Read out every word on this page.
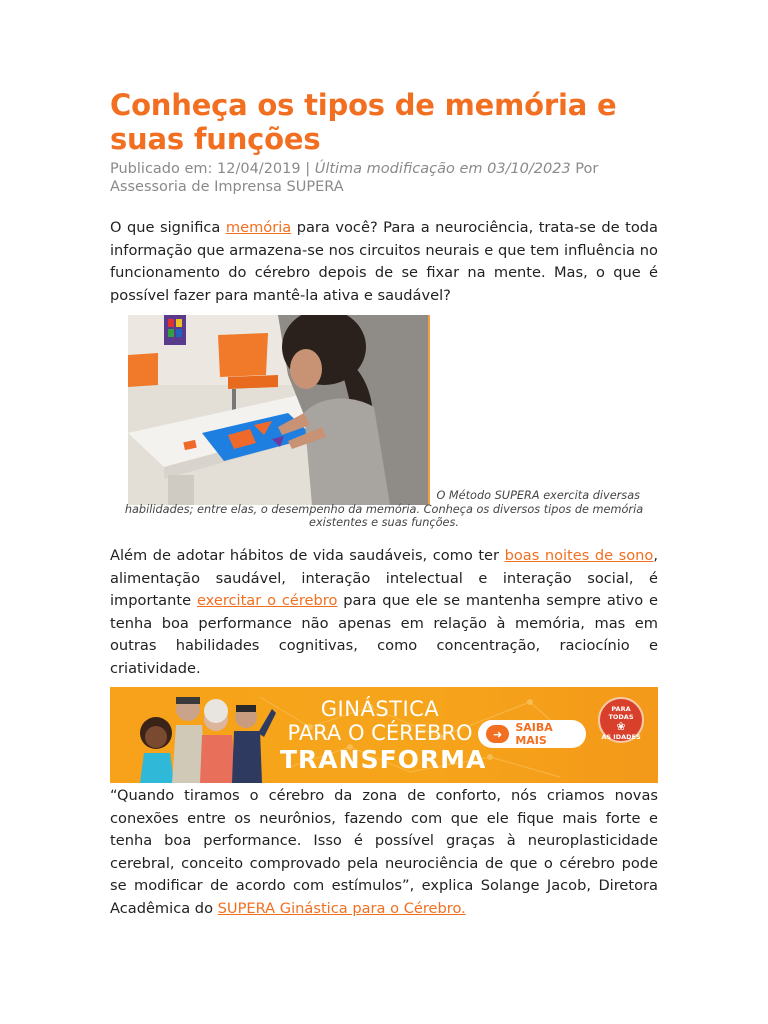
Conheça os tipos de memória e suas funções
Publicado em: 12/04/2019 | Última modificação em 03/10/2023 Por Assessoria de Imprensa SUPERA

O que significa memória para você? Para a neurociência, trata-se de toda informação que armazena-se nos circuitos neurais e que tem influência no funcionamento do cérebro depois de se fixar na mente. Mas, o que é possível fazer para mantê-la ativa e saudável?

O Método SUPERA exercita diversas
habilidades; entre elas, o desempenho da memória. Conheça os diversos tipos de memória existentes e suas funções.

Além de adotar hábitos de vida saudáveis, como ter boas noites de sono, alimentação saudável, interação intelectual e interação social, é importante exercitar o cérebro para que ele se mantenha sempre ativo e tenha boa performance não apenas em relação à memória, mas em outras habilidades cognitivas, como concentração, raciocínio e criatividade.

GINÁSTICA
PARA O CÉREBRO
TRANSFORMA
➜	SAIBA MAIS
PARA TODAS
❀
AS IDADES

“Quando tiramos o cérebro da zona de conforto, nós criamos novas conexões entre os neurônios, fazendo com que ele fique mais forte e tenha boa performance. Isso é possível graças à neuroplasticidade cerebral, conceito comprovado pela neurociência de que o cérebro pode se modificar de acordo com estímulos”, explica Solange Jacob, Diretora Acadêmica do SUPERA Ginástica para o Cérebro.
